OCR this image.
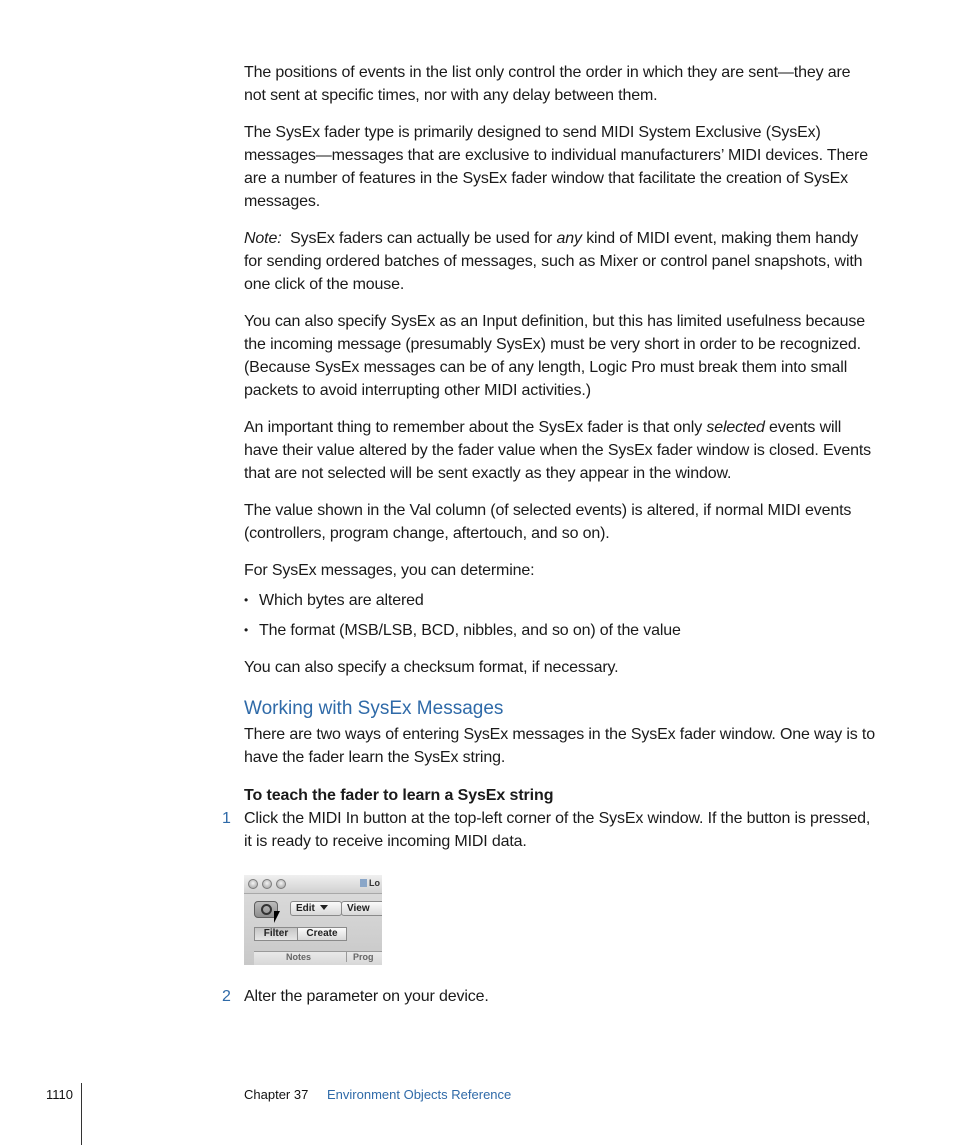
The positions of events in the list only control the order in which they are sent—they are not sent at specific times, nor with any delay between them.

The SysEx fader type is primarily designed to send MIDI System Exclusive (SysEx) messages—messages that are exclusive to individual manufacturers’ MIDI devices. There are a number of features in the SysEx fader window that facilitate the creation of SysEx messages.

Note: SysEx faders can actually be used for any kind of MIDI event, making them handy for sending ordered batches of messages, such as Mixer or control panel snapshots, with one click of the mouse.

You can also specify SysEx as an Input definition, but this has limited usefulness because the incoming message (presumably SysEx) must be very short in order to be recognized. (Because SysEx messages can be of any length, Logic Pro must break them into small packets to avoid interrupting other MIDI activities.)

An important thing to remember about the SysEx fader is that only selected events will have their value altered by the fader value when the SysEx fader window is closed. Events that are not selected will be sent exactly as they appear in the window.

The value shown in the Val column (of selected events) is altered, if normal MIDI events (controllers, program change, aftertouch, and so on).

For SysEx messages, you can determine:

• Which bytes are altered
• The format (MSB/LSB, BCD, nibbles, and so on) of the value

You can also specify a checksum format, if necessary.

Working with SysEx Messages

There are two ways of entering SysEx messages in the SysEx fader window. One way is to have the fader learn the SysEx string.

To teach the fader to learn a SysEx string
1 Click the MIDI In button at the top-left corner of the SysEx window. If the button is pressed, it is ready to receive incoming MIDI data.
Lo
Edit	View
Filter	Create
Notes	Prog
2 Alter the parameter on your device.
1110	Chapter 37 Environment Objects Reference
